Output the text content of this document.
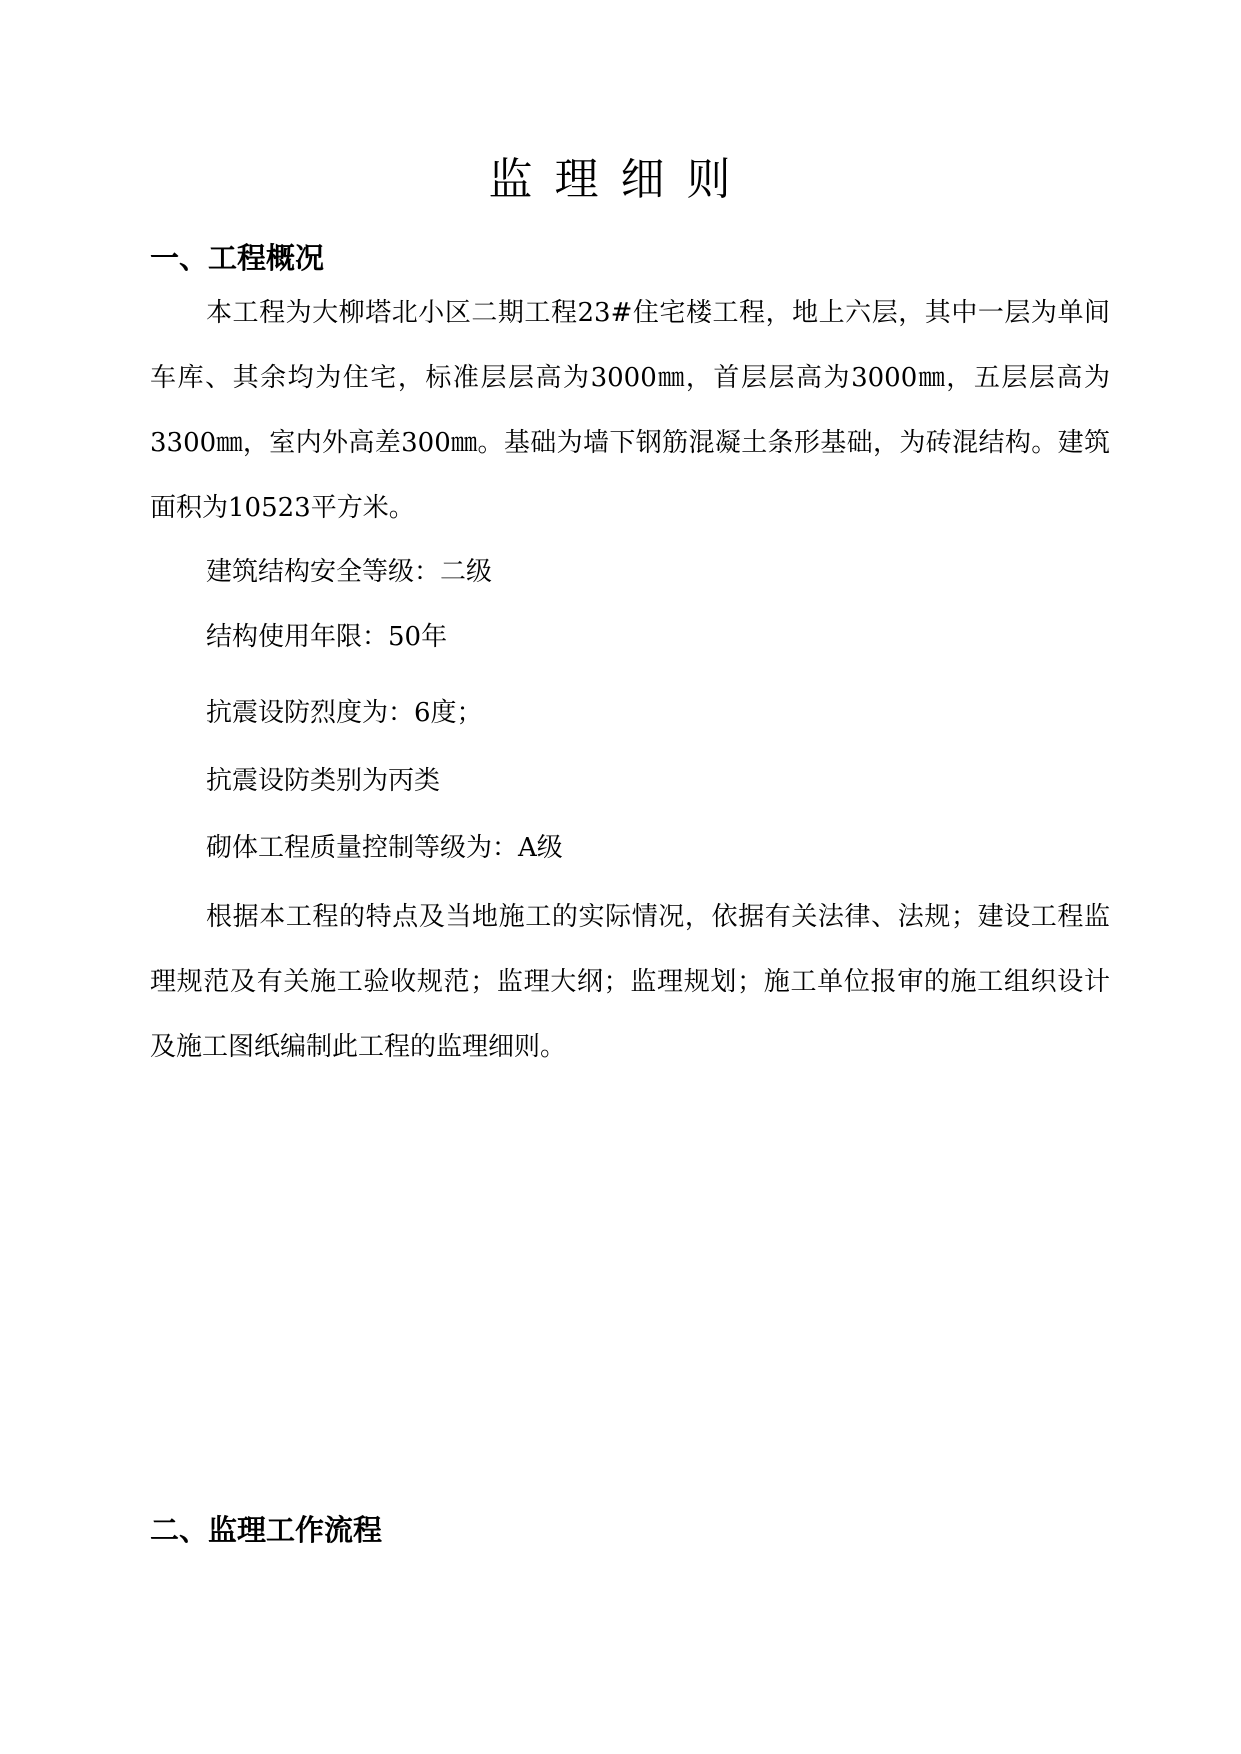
监理细则
一、工程概况

本工程为大柳塔北小区二期工程23#住宅楼工程，地上六层，其中一层为单间车库、其余均为住宅，标准层层高为3000㎜，首层层高为3000㎜，五层层高为3300㎜，室内外高差300㎜。基础为墙下钢筋混凝土条形基础，为砖混结构。建筑面积为10523平方米。

建筑结构安全等级：二级
结构使用年限：50年
抗震设防烈度为：6度；
抗震设防类别为丙类
砌体工程质量控制等级为：A级

根据本工程的特点及当地施工的实际情况，依据有关法律、法规；建设工程监理规范及有关施工验收规范；监理大纲；监理规划；施工单位报审的施工组织设计及施工图纸编制此工程的监理细则。

二、监理工作流程
